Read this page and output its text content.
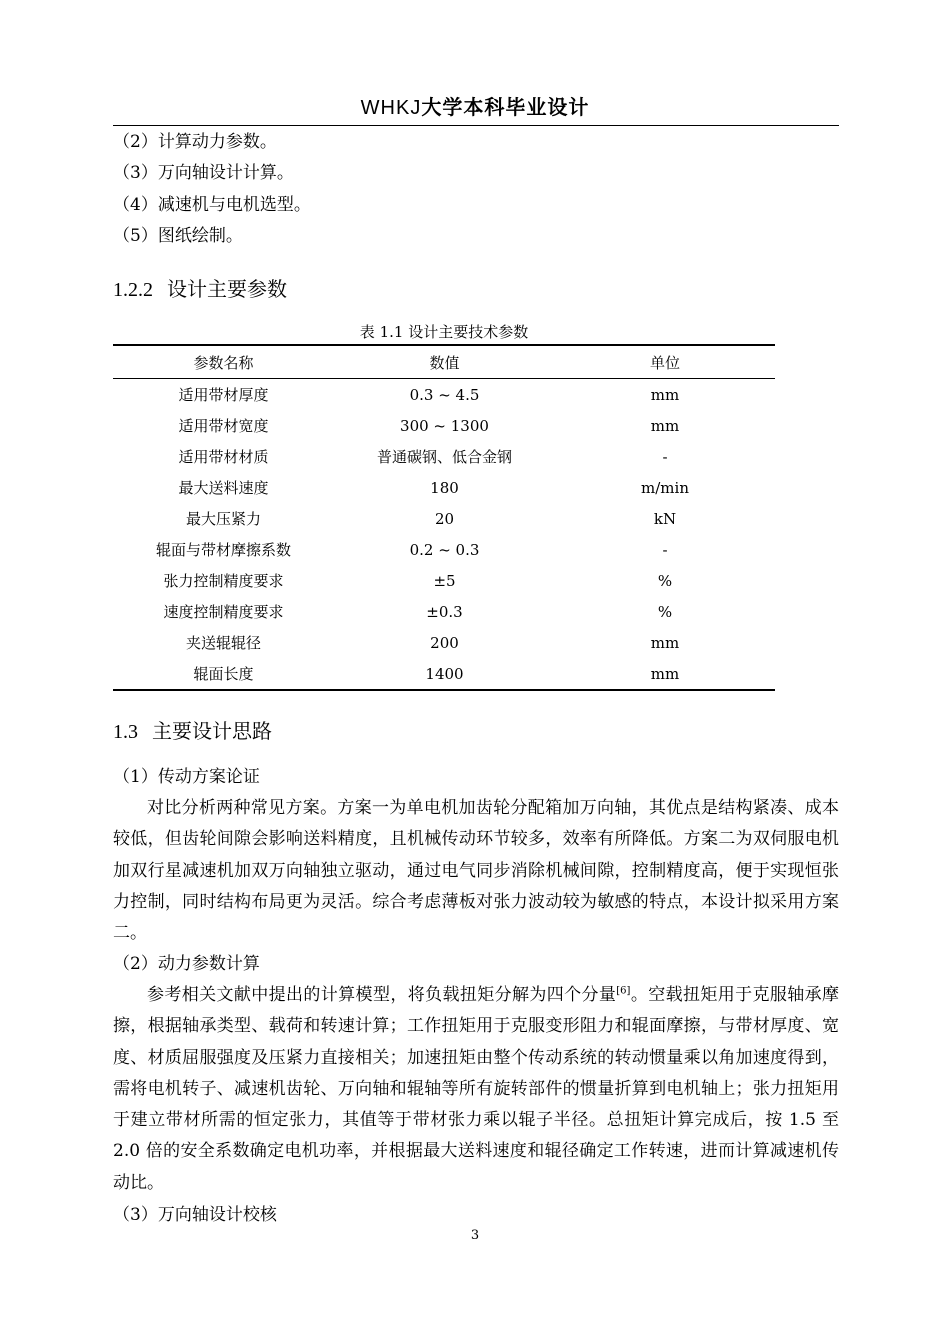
WHKJ大学本科毕业设计
（2）计算动力参数。
（3）万向轴设计计算。
（4）减速机与电机选型。
（5）图纸绘制。
1.2.2 设计主要参数
表 1.1 设计主要技术参数
参数名称	数值	单位
适用带材厚度	0.3 ~ 4.5	mm
适用带材宽度	300 ~ 1300	mm
适用带材材质	普通碳钢、低合金钢	-
最大送料速度	180	m/min
最大压紧力	20	kN
辊面与带材摩擦系数	0.2 ~ 0.3	-
张力控制精度要求	±5	%
速度控制精度要求	±0.3	%
夹送辊辊径	200	mm
辊面长度	1400	mm
1.3 主要设计思路
（1）传动方案论证
对比分析两种常见方案。方案一为单电机加齿轮分配箱加万向轴，其优点是结构紧凑、成本较低，但齿轮间隙会影响送料精度，且机械传动环节较多，效率有所降低。方案二为双伺服电机加双行星减速机加双万向轴独立驱动，通过电气同步消除机械间隙，控制精度高，便于实现恒张力控制，同时结构布局更为灵活。综合考虑薄板对张力波动较为敏感的特点，本设计拟采用方案二。
（2）动力参数计算
参考相关文献中提出的计算模型，将负载扭矩分解为四个分量[6]。空载扭矩用于克服轴承摩擦，根据轴承类型、载荷和转速计算；工作扭矩用于克服变形阻力和辊面摩擦，与带材厚度、宽度、材质屈服强度及压紧力直接相关；加速扭矩由整个传动系统的转动惯量乘以角加速度得到，需将电机转子、减速机齿轮、万向轴和辊轴等所有旋转部件的惯量折算到电机轴上；张力扭矩用于建立带材所需的恒定张力，其值等于带材张力乘以辊子半径。总扭矩计算完成后，按 1.5 至 2.0 倍的安全系数确定电机功率，并根据最大送料速度和辊径确定工作转速，进而计算减速机传动比。
（3）万向轴设计校核
3
